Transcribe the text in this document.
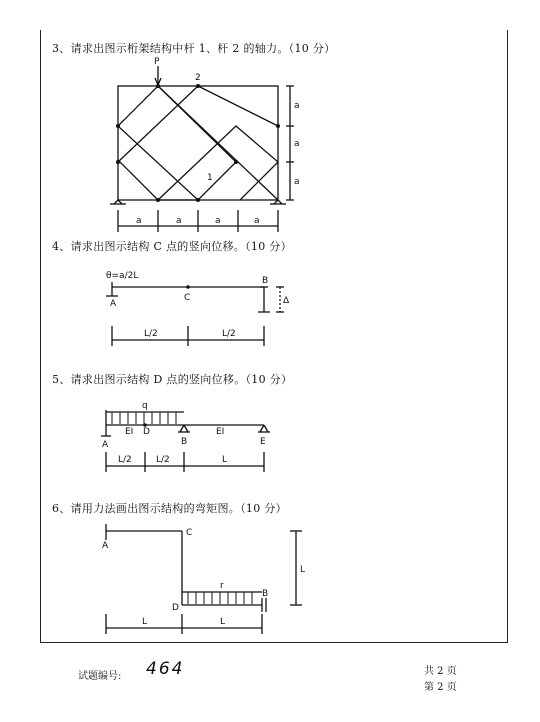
3、请求出图示桁架结构中杆 1、杆 2 的轴力。（10 分）
4、请求出图示结构 C 点的竖向位移。（10 分）
5、请求出图示结构 D 点的竖向位移。（10 分）
6、请用力法画出图示结构的弯矩图。（10 分）
P
2
1
a	a	a	a
a
a
a
θ=a/2L
A
C
B
Δ
L/2	L/2
q
A
EI D
B
EI
E
L/2	L/2	L
A
C
D
B
r
L	L
L
试题编号: 464	共 2 页
第 2 页
